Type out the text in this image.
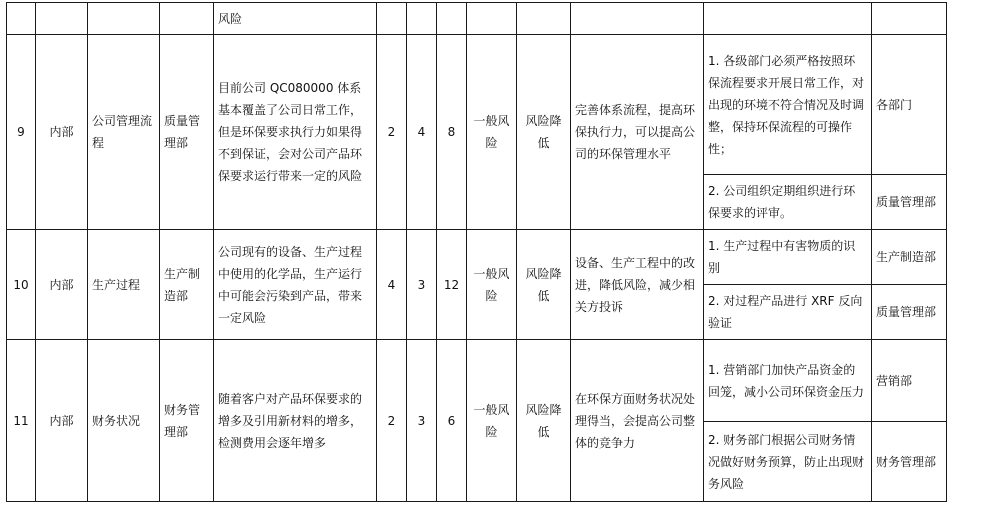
				风险								
9	内部	公司管理流程	质量管理部	目前公司 QC080000 体系基本覆盖了公司日常工作，但是环保要求执行力如果得不到保证，会对公司产品环保要求运行带来一定的风险	2	4	8	一般风险	风险降低	完善体系流程，提高环保执行力，可以提高公司的环保管理水平	1. 各级部门必须严格按照环保流程要求开展日常工作，对出现的环境不符合情况及时调整，保持环保流程的可操作性；	各部门
											2. 公司组织定期组织进行环保要求的评审。	质量管理部
10	内部	生产过程	生产制造部	公司现有的设备、生产过程中使用的化学品，生产运行中可能会污染到产品，带来一定风险	4	3	12	一般风险	风险降低	设备、生产工程中的改进，降低风险，减少相关方投诉	1. 生产过程中有害物质的识别	生产制造部
											2. 对过程产品进行 XRF 反向验证	质量管理部
11	内部	财务状况	财务管理部	随着客户对产品环保要求的增多及引用新材料的增多，检测费用会逐年增多	2	3	6	一般风险	风险降低	在环保方面财务状况处理得当，会提高公司整体的竞争力	1. 营销部门加快产品资金的回笼，减小公司环保资金压力	营销部
											2. 财务部门根据公司财务情况做好财务预算，防止出现财务风险	财务管理部
